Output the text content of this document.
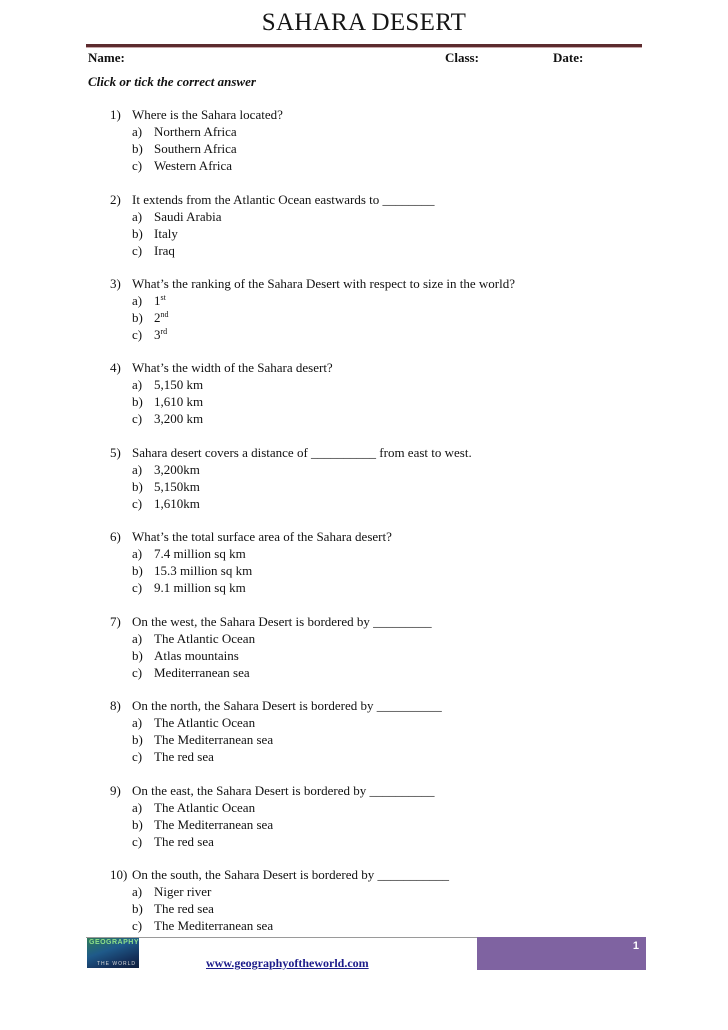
SAHARA DESERT
Name:	Class:	Date:
Click or tick the correct answer
1) Where is the Sahara located?
a) Northern Africa
b) Southern Africa
c) Western Africa
2) It extends from the Atlantic Ocean eastwards to ________
a) Saudi Arabia
b) Italy
c) Iraq
3) What’s the ranking of the Sahara Desert with respect to size in the world?
a) 1st
b) 2nd
c) 3rd
4) What’s the width of the Sahara desert?
a) 5,150 km
b) 1,610 km
c) 3,200 km
5) Sahara desert covers a distance of __________ from east to west.
a) 3,200km
b) 5,150km
c) 1,610km
6) What’s the total surface area of the Sahara desert?
a) 7.4 million sq km
b) 15.3 million sq km
c) 9.1 million sq km
7) On the west, the Sahara Desert is bordered by _________
a) The Atlantic Ocean
b) Atlas mountains
c) Mediterranean sea
8) On the north, the Sahara Desert is bordered by __________
a) The Atlantic Ocean
b) The Mediterranean sea
c) The red sea
9) On the east, the Sahara Desert is bordered by __________
a) The Atlantic Ocean
b) The Mediterranean sea
c) The red sea
10) On the south, the Sahara Desert is bordered by ___________
a) Niger river
b) The red sea
c) The Mediterranean sea
GEOGRAPHY
THE WORLD	www.geographyoftheworld.com
1
